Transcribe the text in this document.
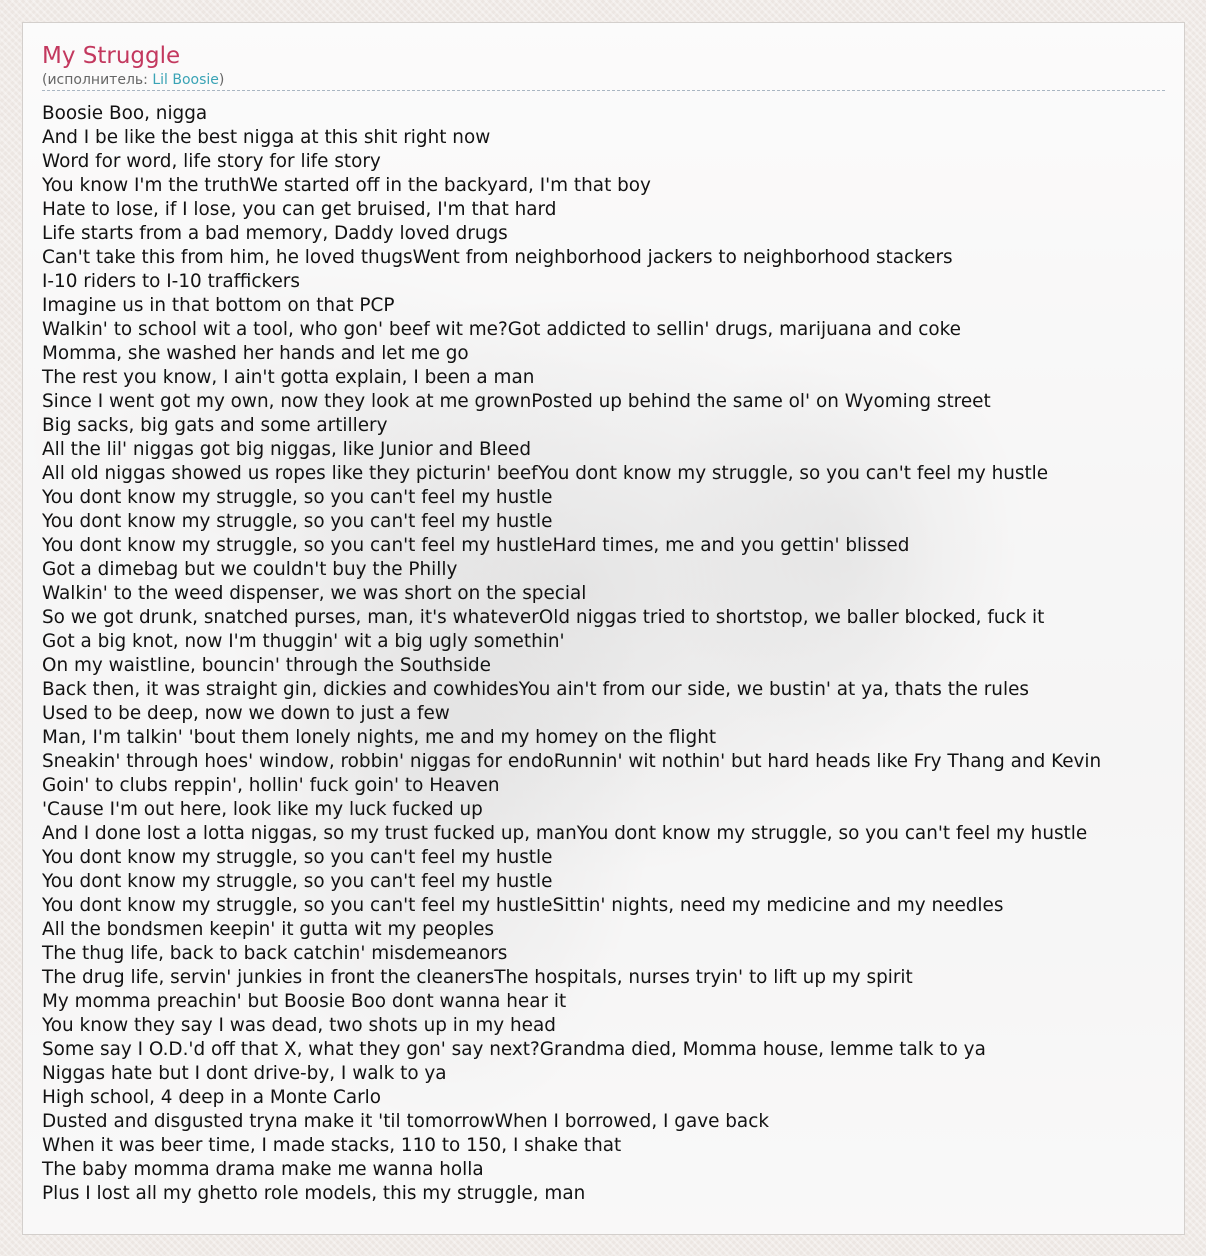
My Struggle
(исполнитель: Lil Boosie)
Boosie Boo, nigga
And I be like the best nigga at this shit right now
Word for word, life story for life story
You know I'm the truthWe started off in the backyard, I'm that boy
Hate to lose, if I lose, you can get bruised, I'm that hard
Life starts from a bad memory, Daddy loved drugs
Can't take this from him, he loved thugsWent from neighborhood jackers to neighborhood stackers
I-10 riders to I-10 traffickers
Imagine us in that bottom on that PCP
Walkin' to school wit a tool, who gon' beef wit me?Got addicted to sellin' drugs, marijuana and coke
Momma, she washed her hands and let me go
The rest you know, I ain't gotta explain, I been a man
Since I went got my own, now they look at me grownPosted up behind the same ol' on Wyoming street
Big sacks, big gats and some artillery
All the lil' niggas got big niggas, like Junior and Bleed
All old niggas showed us ropes like they picturin' beefYou dont know my struggle, so you can't feel my hustle
You dont know my struggle, so you can't feel my hustle
You dont know my struggle, so you can't feel my hustle
You dont know my struggle, so you can't feel my hustleHard times, me and you gettin' blissed
Got a dimebag but we couldn't buy the Philly
Walkin' to the weed dispenser, we was short on the special
So we got drunk, snatched purses, man, it's whateverOld niggas tried to shortstop, we baller blocked, fuck it
Got a big knot, now I'm thuggin' wit a big ugly somethin'
On my waistline, bouncin' through the Southside
Back then, it was straight gin, dickies and cowhidesYou ain't from our side, we bustin' at ya, thats the rules
Used to be deep, now we down to just a few
Man, I'm talkin' 'bout them lonely nights, me and my homey on the flight
Sneakin' through hoes' window, robbin' niggas for endoRunnin' wit nothin' but hard heads like Fry Thang and Kevin
Goin' to clubs reppin', hollin' fuck goin' to Heaven
'Cause I'm out here, look like my luck fucked up
And I done lost a lotta niggas, so my trust fucked up, manYou dont know my struggle, so you can't feel my hustle
You dont know my struggle, so you can't feel my hustle
You dont know my struggle, so you can't feel my hustle
You dont know my struggle, so you can't feel my hustleSittin' nights, need my medicine and my needles
All the bondsmen keepin' it gutta wit my peoples
The thug life, back to back catchin' misdemeanors
The drug life, servin' junkies in front the cleanersThe hospitals, nurses tryin' to lift up my spirit
My momma preachin' but Boosie Boo dont wanna hear it
You know they say I was dead, two shots up in my head
Some say I O.D.'d off that X, what they gon' say next?Grandma died, Momma house, lemme talk to ya
Niggas hate but I dont drive-by, I walk to ya
High school, 4 deep in a Monte Carlo
Dusted and disgusted tryna make it 'til tomorrowWhen I borrowed, I gave back
When it was beer time, I made stacks, 110 to 150, I shake that
The baby momma drama make me wanna holla
Plus I lost all my ghetto role models, this my struggle, man
